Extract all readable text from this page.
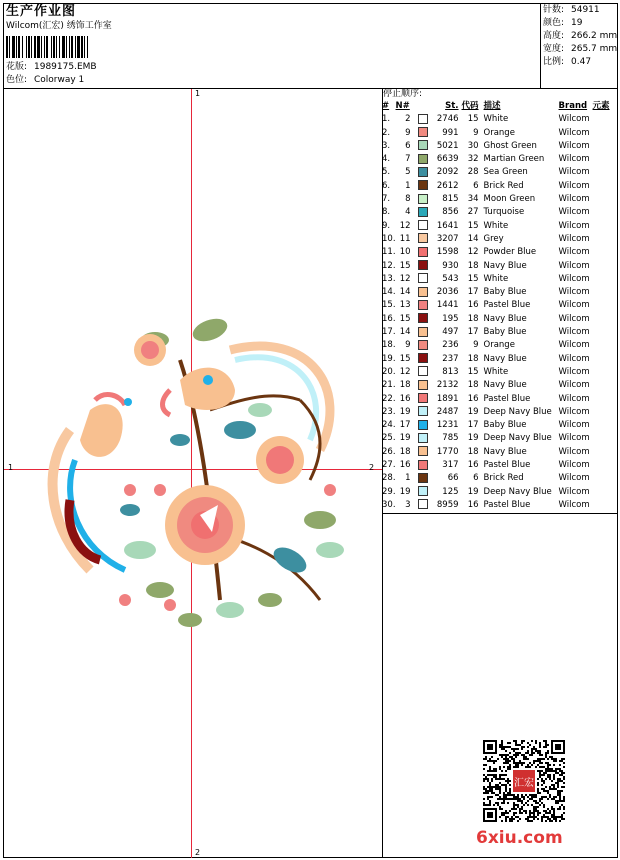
生产作业图
Wilcom(汇宏) 绣饰工作室
花版: 1989175.EMB
色位: Colorway 1
针数: 54911
颜色: 19
高度: 266.2 mm
宽度: 265.7 mm
比例: 0.47
停止顺序:
#	N#		St.	代码	描述	Brand	元素
1.	2		2746	15	White	Wilcom	
2.	9		991	9	Orange	Wilcom	
3.	6		5021	30	Ghost Green	Wilcom	
4.	7		6639	32	Martian Green	Wilcom	
5.	5		2092	28	Sea Green	Wilcom	
6.	1		2612	6	Brick Red	Wilcom	
7.	8		815	34	Moon Green	Wilcom	
8.	4		856	27	Turquoise	Wilcom	
9.	12		1641	15	White	Wilcom	
10.	11		3207	14	Grey	Wilcom	
11.	10		1598	12	Powder Blue	Wilcom	
12.	15		930	18	Navy Blue	Wilcom	
13.	12		543	15	White	Wilcom	
14.	14		2036	17	Baby Blue	Wilcom	
15.	13		1441	16	Pastel Blue	Wilcom	
16.	15		195	18	Navy Blue	Wilcom	
17.	14		497	17	Baby Blue	Wilcom	
18.	9		236	9	Orange	Wilcom	
19.	15		237	18	Navy Blue	Wilcom	
20.	12		813	15	White	Wilcom	
21.	18		2132	18	Navy Blue	Wilcom	
22.	16		1891	16	Pastel Blue	Wilcom	
23.	19		2487	19	Deep Navy Blue	Wilcom	
24.	17		1231	17	Baby Blue	Wilcom	
25.	19		785	19	Deep Navy Blue	Wilcom	
26.	18		1770	18	Navy Blue	Wilcom	
27.	16		317	16	Pastel Blue	Wilcom	
28.	1		66	6	Brick Red	Wilcom	
29.	19		125	19	Deep Navy Blue	Wilcom	
30.	3		8959	16	Pastel Blue	Wilcom	
1
2
1	2
汇宏
6xiu.com
